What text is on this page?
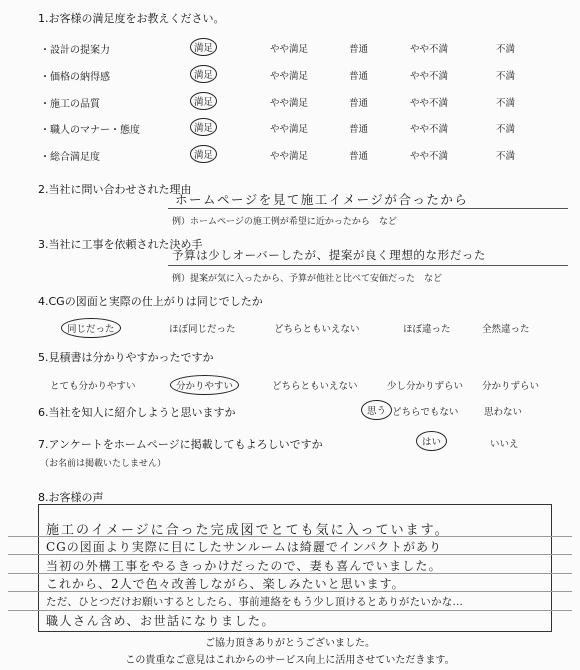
1.お客様の満足度をお教えください。
・設計の提案力	満足	やや満足	普通	やや不満	不満
・価格の納得感	満足	やや満足	普通	やや不満	不満
・施工の品質	満足	やや満足	普通	やや不満	不満
・職人のマナー・態度	満足	やや満足	普通	やや不満	不満
・総合満足度	満足	やや満足	普通	やや不満	不満
2.当社に問い合わせされた理由
ホームページを見て施工イメージが合ったから
例）ホームページの施工例が希望に近かったから　など
3.当社に工事を依頼された決め手
予算は少しオーバーしたが、提案が良く理想的な形だった
例）提案が気に入ったから、予算が他社と比べて安価だった　など
4.CGの図面と実際の仕上がりは同じでしたか
同じだった	ほぼ同じだった	どちらともいえない	ほぼ違った	全然違った
5.見積書は分かりやすかったですか
とても分かりやすい	分かりやすい	どちらともいえない	少し分かりずらい 分かりずらい
6.当社を知人に紹介しようと思いますか	思う どちらでもない	思わない
7.アンケートをホームページに掲載してもよろしいですか	はい	いいえ
（お名前は掲載いたしません）
8.お客様の声
施工のイメージに合った完成図でとても気に入っています。
CGの図面より実際に目にしたサンルームは綺麗でインパクトがあり
当初の外構工事をやるきっかけだったので、妻も喜んでいました。
これから、2人で色々改善しながら、楽しみたいと思います。
ただ、ひとつだけお願いするとしたら、事前連絡をもう少し頂けるとありがたいかな…
職人さん含め、お世話になりました。
ご協力頂きありがとうございました。
この貴重なご意見はこれからのサービス向上に活用させていただきます。
